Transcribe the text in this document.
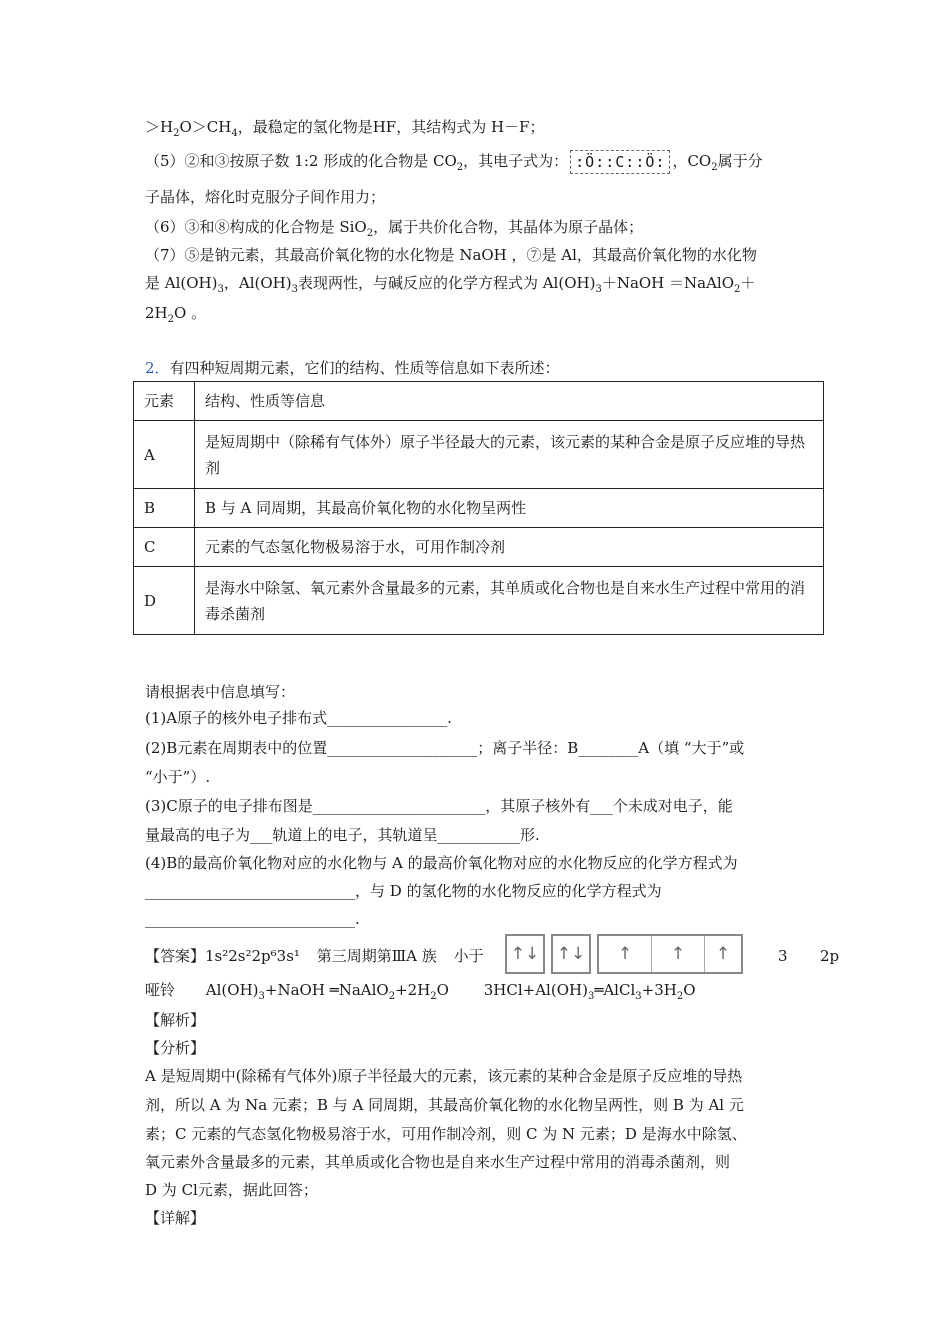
$>H_2O>CH_4$，最稳定的氢化物是HF，其结构式为 H－F；
（5）②和③按原子数 1:2 形成的化合物是 $CO_2$，其电子式为： :Ö::C::Ö: ，$CO_2$属于分
子晶体，熔化时克服分子间作用力；
（6）③和⑧构成的化合物是 SiO$_2$，属于共价化合物，其晶体为原子晶体；
（7）⑤是钠元素，其最高价氧化物的水化物是 NaOH ，⑦是 Al，其最高价氧化物的水化物
是 $Al(OH)_3$，$Al(OH)_3$表现两性，与碱反应的化学方程式为 $Al(OH)_3+NaOH$ ＝NaAlO$_2$＋
$2H_2O$ 。
2．有四种短周期元素，它们的结构、性质等信息如下表所述：
元素	结构、性质等信息
A	是短周期中（除稀有气体外）原子半径最大的元素，该元素的某种合金是原子反应堆的导热剂
B	B 与 A 同周期，其最高价氧化物的水化物呈两性
C	元素的气态氢化物极易溶于水，可用作制冷剂
D	是海水中除氢、氧元素外含量最多的元素，其单质或化合物也是自来水生产过程中常用的消毒杀菌剂
请根据表中信息填写：
(1)A原子的核外电子排布式________________.
(2)B元素在周期表中的位置____________________；离子半径：B________A（填 “大于”或
“小于”）.
(3)C原子的电子排布图是_______________________，其原子核外有___个未成对电子，能
量最高的电子为___轨道上的电子，其轨道呈___________形.
(4)B的最高价氧化物对应的水化物与 A 的最高价氧化物对应的水化物反应的化学方程式为
____________________________，与 D 的氢化物的水化物反应的化学方程式为
____________________________.
【答案】1s²2s²2p⁶3s¹ 第三周期第ⅢA 族 小于 ↑↓ ↑↓	↑	↑	↑	3 2p
哑铃 $Al(OH)_3+NaOH$ $═NaAlO_2+2H_2O$ $3HCl+Al(OH)_3═AlCl_3+3H_2O$
【解析】
【分析】
A 是短周期中(除稀有气体外)原子半径最大的元素，该元素的某种合金是原子反应堆的导热
剂，所以 A 为 Na 元素；B 与 A 同周期，其最高价氧化物的水化物呈两性，则 B 为 Al 元
素；C 元素的气态氢化物极易溶于水，可用作制冷剂，则 C 为 N 元素；D 是海水中除氢、
氧元素外含量最多的元素，其单质或化合物也是自来水生产过程中常用的消毒杀菌剂，则
D 为 Cl元素，据此回答；
【详解】
